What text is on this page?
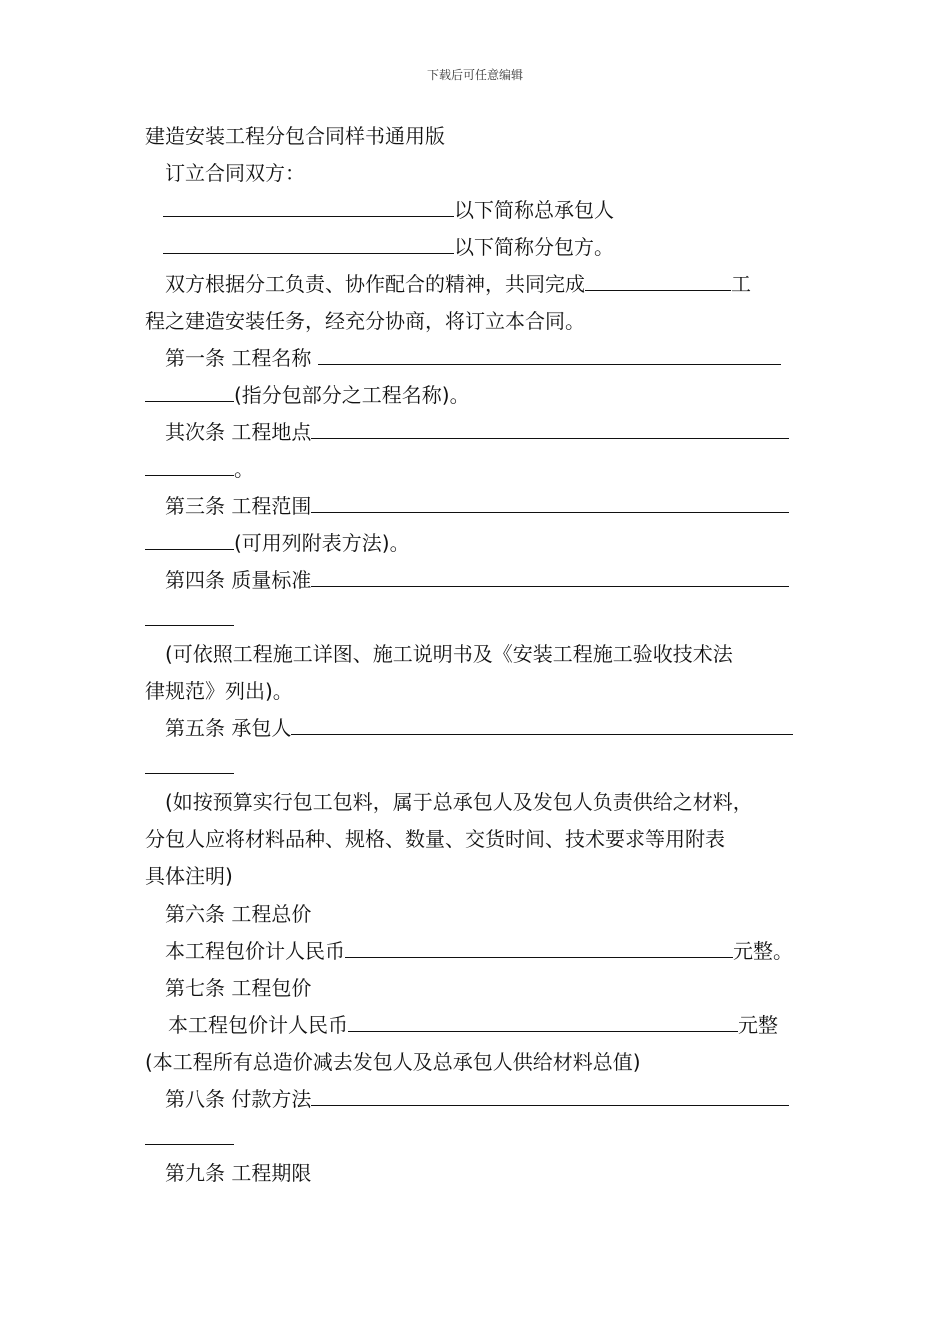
下载后可任意编辑
建造安装工程分包合同样书通用版
订立合同双方：
以下简称总承包人
以下简称分包方。
双方根据分工负责、协作配合的精神，共同完成	工
程之建造安装任务，经充分协商，将订立本合同。
第一条 工程名称
(指分包部分之工程名称)。
其次条 工程地点
。
第三条 工程范围
(可用列附表方法)。
第四条 质量标准
(可依照工程施工详图、施工说明书及《安装工程施工验收技术法
律规范》列出)。
第五条 承包人
(如按预算实行包工包料，属于总承包人及发包人负责供给之材料，
分包人应将材料品种、规格、数量、交货时间、技术要求等用附表
具体注明)
第六条 工程总价
本工程包价计人民币	元整。
第七条 工程包价
本工程包价计人民币	元整
(本工程所有总造价减去发包人及总承包人供给材料总值)
第八条 付款方法
第九条 工程期限
